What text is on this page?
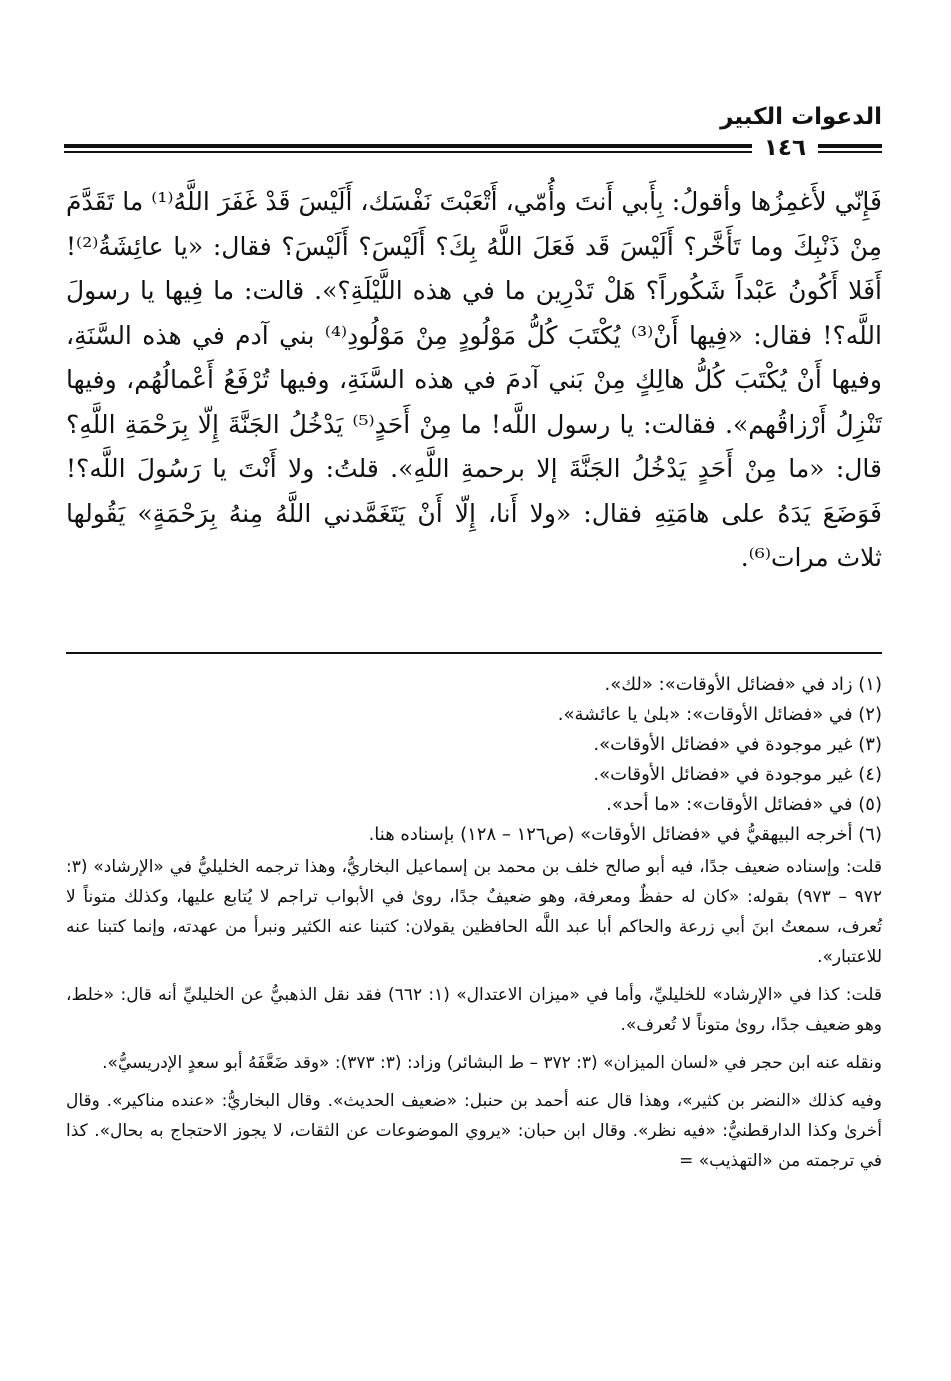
الدعوات الكبير
١٤٦

فَإِنّي لأَغمِزُها وأقولُ: بِأَبي أَنتَ وأُمّي، أَتْعَبْتَ نَفْسَك، أَلَيْسَ قَدْ غَفَرَ اللَّهُ⁽¹⁾ ما تَقَدَّمَ مِنْ ذَنْبِكَ وما تَأَخَّر؟ أَلَيْسَ قَد فَعَلَ اللَّهُ بِكَ؟ أَلَيْسَ؟ أَلَيْسَ؟ فقال: «يا عائِشَةُ⁽²⁾! أَفَلا أَكُونُ عَبْداً شَكُوراً؟ هَلْ تَدْرِين ما في هذه اللَّيْلَةِ؟». قالت: ما فِيها يا رسولَ اللَّه؟! فقال: «فِيها أَنْ⁽³⁾ يُكْتَبَ كُلُّ مَوْلُودٍ مِنْ مَوْلُودِ⁽⁴⁾ بني آدم في هذه السَّنَةِ، وفيها أَنْ يُكْتَبَ كُلُّ هالِكٍ مِنْ بَني آدمَ في هذه السَّنَةِ، وفيها تُرْفَعُ أَعْمالُهُم، وفيها تَنْزِلُ أَرْزاقُهم». فقالت: يا رسول اللَّه! ما مِنْ أَحَدٍ⁽⁵⁾ يَدْخُلُ الجَنَّةَ إِلّا بِرَحْمَةِ اللَّهِ؟ قال: «ما مِنْ أَحَدٍ يَدْخُلُ الجَنَّةَ إلا برحمةِ اللَّهِ». قلتُ: ولا أَنْتَ يا رَسُولَ اللَّه؟! فَوَضَعَ يَدَهُ على هامَتِهِ فقال: «ولا أَنا، إِلّا أَنْ يَتَغَمَّدني اللَّهُ مِنهُ بِرَحْمَةٍ» يَقُولها ثلاث مرات⁽⁶⁾.

(١) زاد في «فضائل الأوقات»: «لك».
(٢) في «فضائل الأوقات»: «بلىٰ يا عائشة».
(٣) غير موجودة في «فضائل الأوقات».
(٤) غير موجودة في «فضائل الأوقات».
(٥) في «فضائل الأوقات»: «ما أحد».
(٦) أخرجه البيهقيُّ في «فضائل الأوقات» (ص١٢٦ – ١٢٨) بإسناده هنا.

قلت: وإسناده ضعيف جدًا، فيه أبو صالح خلف بن محمد بن إسماعيل البخاريُّ، وهذا ترجمه الخليليُّ في «الإرشاد» (٣: ٩٧٢ – ٩٧٣) بقوله: «كان له حفظٌ ومعرفة، وهو ضعيفٌ جدًا، روىٰ في الأبواب تراجم لا يُتابع عليها، وكذلك متوناً لا تُعرف، سمعتُ ابنَ أبي زرعة والحاكم أبا عبد اللَّه الحافظين يقولان: كتبنا عنه الكثير ونبرأ من عهدته، وإنما كتبنا عنه للاعتبار».

قلت: كذا في «الإرشاد» للخليليِّ، وأما في «ميزان الاعتدال» (١: ٦٦٢) فقد نقل الذهبيُّ عن الخليليِّ أنه قال: «خلط، وهو ضعيف جدًا، روىٰ متوناً لا تُعرف».

ونقله عنه ابن حجر في «لسان الميزان» (٣: ٣٧٢ – ط البشائر) وزاد: (٣: ٣٧٣): «وقد ضَعَّفَهُ أبو سعدٍ الإدريسيُّ».

وفيه كذلك «النضر بن كثير»، وهذا قال عنه أحمد بن حنبل: «ضعيف الحديث». وقال البخاريُّ: «عنده مناكير». وقال أخرىٰ وكذا الدارقطنيُّ: «فيه نظر». وقال ابن حبان: «يروي الموضوعات عن الثقات، لا يجوز الاحتجاج به بحال». كذا في ترجمته من «التهذيب» =
